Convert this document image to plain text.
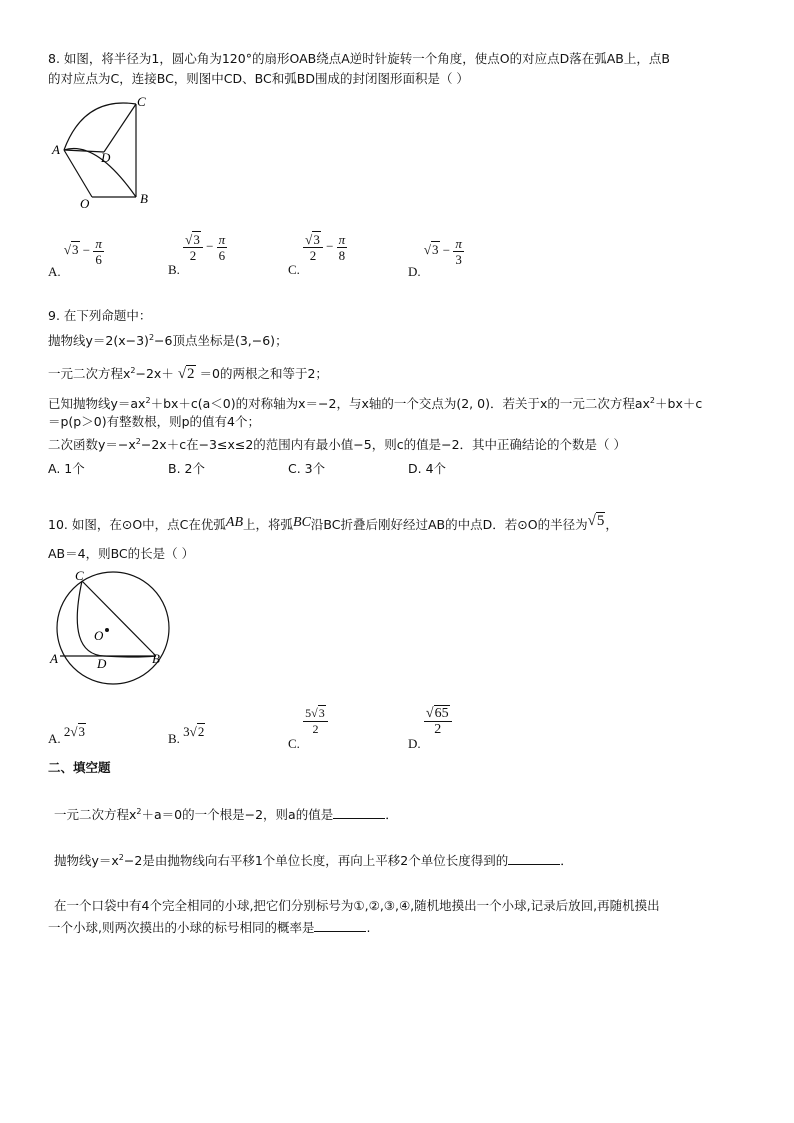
8. 如图，将半径为1，圆心角为120°的扇形OAB绕点A逆时针旋转一个角度，使点O的对应点D落在弧AB上，点B
的对应点为C，连接BC，则图中CD、BC和弧BD围成的封闭图形面积是（ ）
C
A
D
O	B
A. $√3 - \frac{\pi}{6}$
B.
$\frac{√3}{2} - \frac{\pi}{6}$
C.
$\frac{√3}{2} - \frac{\pi}{8}$
D. $√3 - \frac{\pi}{3}$
9. 在下列命题中：
抛物线$y=2(x-3)^2-6$顶点坐标是(3,−6)；
一元二次方程$x^2-2x+ √2 =0$的两根之和等于2；
已知抛物线$y=ax^2+bx+c(a<0)$的对称轴为x＝−2，与x轴的一个交点为(2, 0)．若关于x的一元二次方程$ax^2+bx+c$
＝p(p＞0)有整数根，则p的值有4个；
二次函数$y=-x^2-2x+c$在−3≤x≤2的范围内有最小值−5，则c的值是−2．其中正确结论的个数是（ ）
A. 1个	B. 2个	C. 3个	D. 4个
10. 如图，在⊙O中，点C在优弧AB上，将弧BC沿BC折叠后刚好经过AB的中点D．若⊙O的半径为√5，
AB＝4，则BC的长是（ ）
C
O
A	D	B
A. 2√3	B. 3√2
C.
$\frac{5√3}{2}$
D.
$\frac{√65}{2}$
二、填空题
一元二次方程$x^2+a=0$的一个根是−2，则a的值是	．
抛物线$y=x^2-2$是由抛物线向右平移1个单位长度，再向上平移2个单位长度得到的	．
在一个口袋中有4个完全相同的小球,把它们分别标号为①,②,③,④,随机地摸出一个小球,记录后放回,再随机摸出
一个小球,则两次摸出的小球的标号相同的概率是	.
